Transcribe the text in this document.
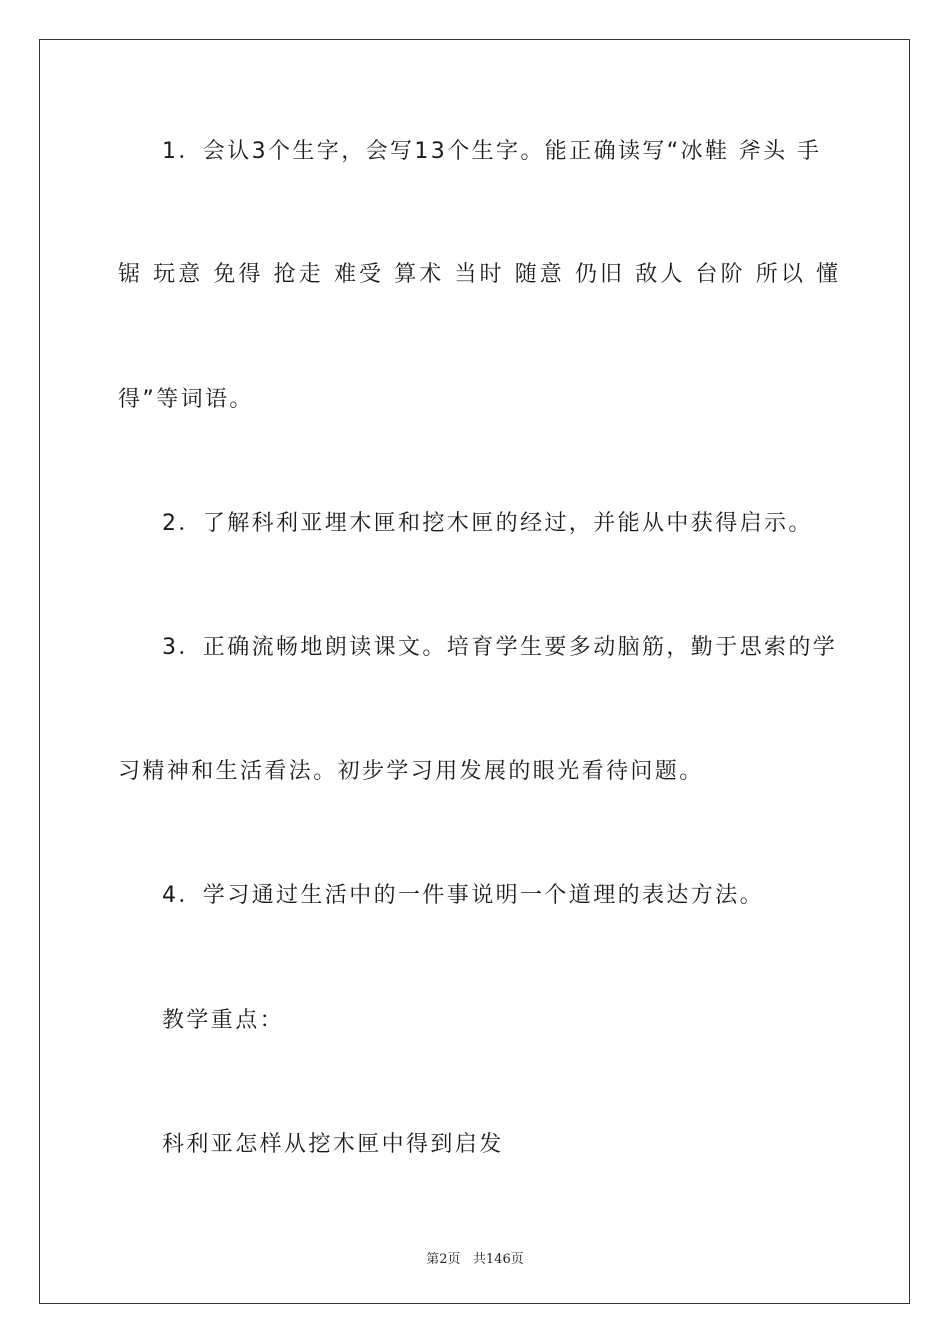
1．会认3个生字，会写13个生字。能正确读写“冰鞋 斧头 手
锯 玩意 免得 抢走 难受 算术 当时 随意 仍旧 敌人 台阶 所以 懂
得”等词语。
2．了解科利亚埋木匣和挖木匣的经过，并能从中获得启示。
3．正确流畅地朗读课文。培育学生要多动脑筋，勤于思索的学
习精神和生活看法。初步学习用发展的眼光看待问题。
4．学习通过生活中的一件事说明一个道理的表达方法。
教学重点：
科利亚怎样从挖木匣中得到启发
第2页 共146页
